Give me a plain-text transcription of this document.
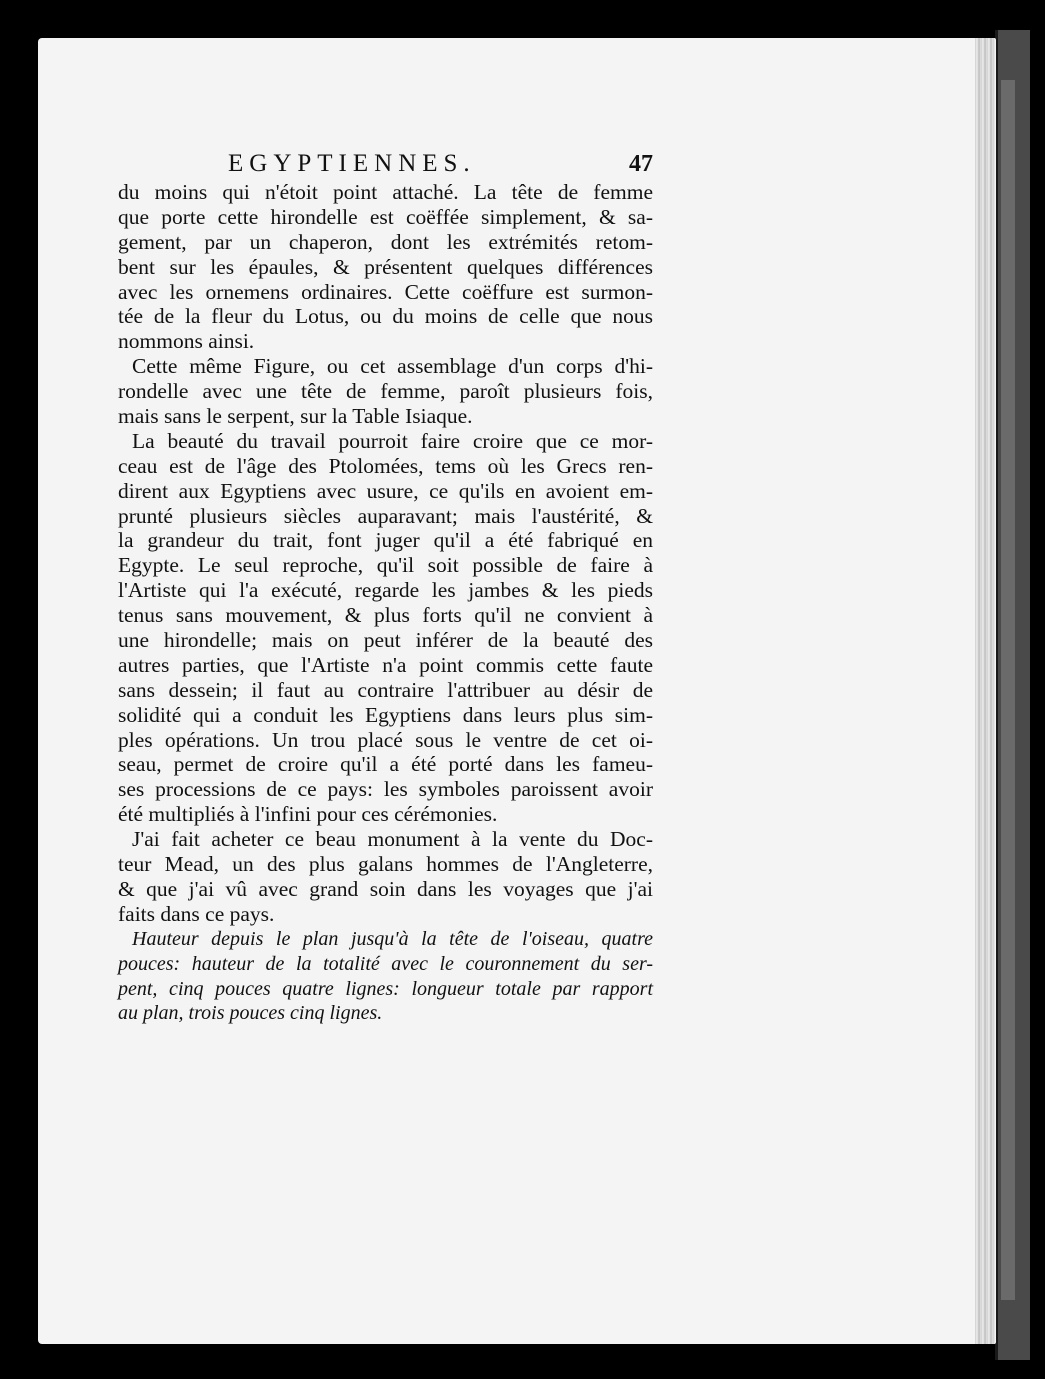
EGYPTIENNES.	47
du moins qui n'étoit point attaché. La tête de femme
que porte cette hirondelle est coëffée simplement, & sa-
gement, par un chaperon, dont les extrémités retom-
bent sur les épaules, & présentent quelques différences
avec les ornemens ordinaires. Cette coëffure est surmon-
tée de la fleur du Lotus, ou du moins de celle que nous
nommons ainsi.
Cette même Figure, ou cet assemblage d'un corps d'hi-
rondelle avec une tête de femme, paroît plusieurs fois,
mais sans le serpent, sur la Table Isiaque.
La beauté du travail pourroit faire croire que ce mor-
ceau est de l'âge des Ptolomées, tems où les Grecs ren-
dirent aux Egyptiens avec usure, ce qu'ils en avoient em-
prunté plusieurs siècles auparavant; mais l'austérité, &
la grandeur du trait, font juger qu'il a été fabriqué en
Egypte. Le seul reproche, qu'il soit possible de faire à
l'Artiste qui l'a exécuté, regarde les jambes & les pieds
tenus sans mouvement, & plus forts qu'il ne convient à
une hirondelle; mais on peut inférer de la beauté des
autres parties, que l'Artiste n'a point commis cette faute
sans dessein; il faut au contraire l'attribuer au désir de
solidité qui a conduit les Egyptiens dans leurs plus sim-
ples opérations. Un trou placé sous le ventre de cet oi-
seau, permet de croire qu'il a été porté dans les fameu-
ses processions de ce pays: les symboles paroissent avoir
été multipliés à l'infini pour ces cérémonies.
J'ai fait acheter ce beau monument à la vente du Doc-
teur Mead, un des plus galans hommes de l'Angleterre,
& que j'ai vû avec grand soin dans les voyages que j'ai
faits dans ce pays.
Hauteur depuis le plan jusqu'à la tête de l'oiseau, quatre
pouces: hauteur de la totalité avec le couronnement du ser-
pent, cinq pouces quatre lignes: longueur totale par rapport
au plan, trois pouces cinq lignes.
